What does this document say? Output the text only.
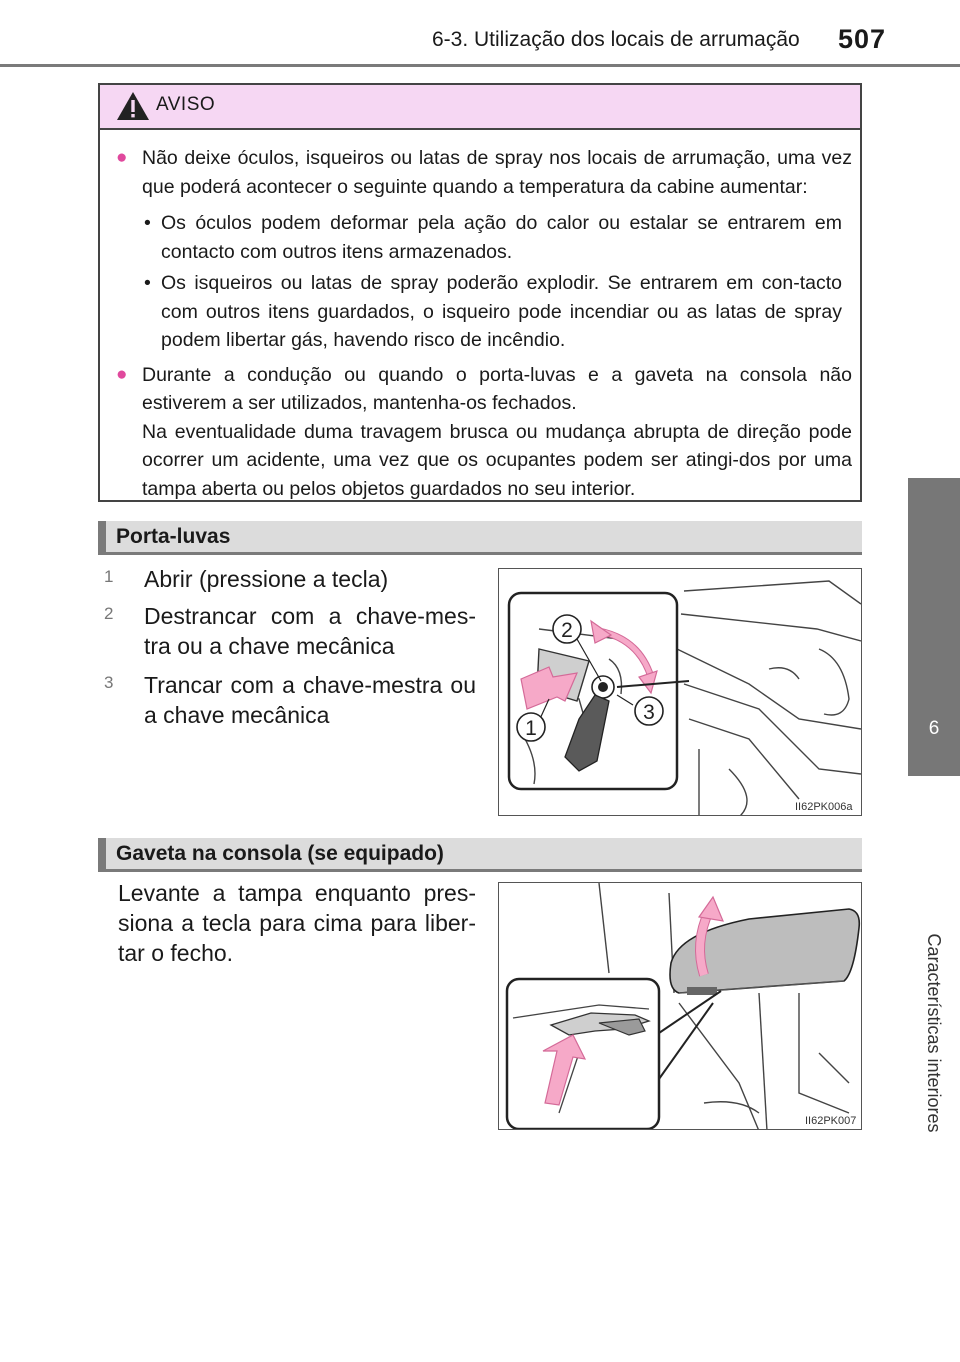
6-3. Utilização dos locais de arrumação 507
6
Características interiores
AVISO
● Não deixe óculos, isqueiros ou latas de spray nos locais de arrumação, uma vez que poderá acontecer o seguinte quando a temperatura da cabine aumentar:
• Os óculos podem deformar pela ação do calor ou estalar se entrarem em contacto com outros itens armazenados.
• Os isqueiros ou latas de spray poderão explodir. Se entrarem em con-tacto com outros itens guardados, o isqueiro pode incendiar ou as latas de spray podem libertar gás, havendo risco de incêndio.
● Durante a condução ou quando o porta-luvas e a gaveta na consola não estiverem a ser utilizados, mantenha-os fechados.
Na eventualidade duma travagem brusca ou mudança abrupta de direção pode ocorrer um acidente, uma vez que os ocupantes podem ser atingi-dos por uma tampa aberta ou pelos objetos guardados no seu interior.
Porta-luvas
1 Abrir (pressione a tecla)
2 Destrancar com a chave-mes-
tra ou a chave mecânica
3 Trancar com a chave-mestra ou
a chave mecânica
2
3
1
II62PK006a
Gaveta na consola (se equipado)
Levante a tampa enquanto pres-
siona a tecla para cima para liber-
tar o fecho.
II62PK007
